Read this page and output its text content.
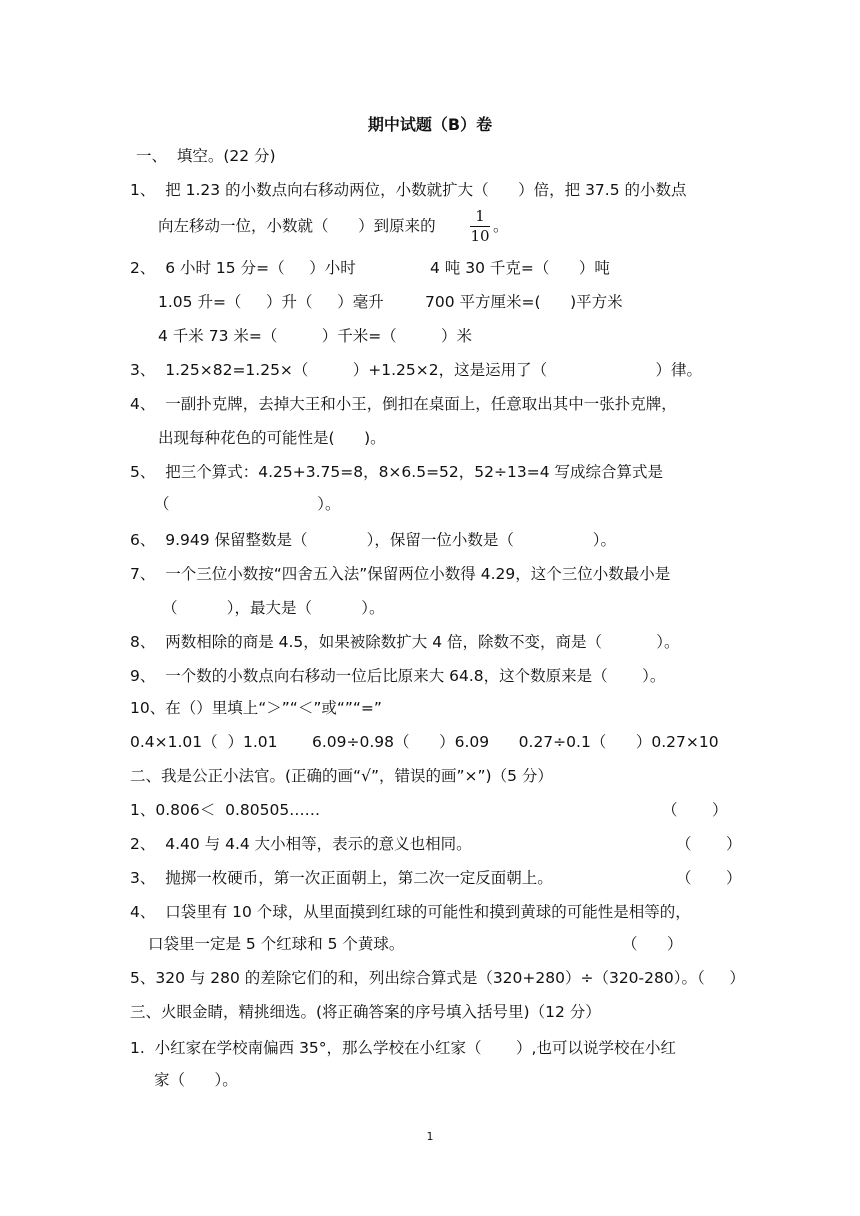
期中试题（B）卷
一、  填空。(22 分)
1、  把 1.23 的小数点向右移动两位，小数就扩大（      ）倍，把 37.5 的小数点
向左移动一位，小数就（      ）到原来的
1
10
。
2、  6 小时 15 分=（     ）小时	4 吨 30 千克=（      ）吨
1.05 升=（     ）升（     ）毫升	700 平方厘米=(      )平方米
4 千米 73 米=（         ）千米=（         ）米
3、  1.25×82=1.25×（         ）+1.25×2，这是运用了（                      ）律。
4、  一副扑克牌，去掉大王和小王，倒扣在桌面上，任意取出其中一张扑克牌，
出现每种花色的可能性是(      )。
5、  把三个算式：4.25+3.75=8，8×6.5=52，52÷13=4 写成综合算式是
（                              ）。
6、  9.949 保留整数是（            ），保留一位小数是（                ）。
7、  一个三位小数按“四舍五入法”保留两位小数得 4.29，这个三位小数最小是
（          ），最大是（          ）。
8、  两数相除的商是 4.5，如果被除数扩大 4 倍，除数不变，商是（           ）。
9、  一个数的小数点向右移动一位后比原来大 64.8，这个数原来是（       ）。
10、在（）里填上“＞”“＜”或“”“=”
0.4×1.01（  ）1.01       6.09÷0.98（      ）6.09      0.27÷0.1（      ）0.27×10
二、我是公正小法官。(正确的画“√”，错误的画”×”)（5 分）
1、0.806＜  0.80505……	（       ）
2、  4.40 与 4.4 大小相等，表示的意义也相同。	（       ）
3、  抛掷一枚硬币，第一次正面朝上，第二次一定反面朝上。	（       ）
4、  口袋里有 10 个球，从里面摸到红球的可能性和摸到黄球的可能性是相等的，
口袋里一定是 5 个红球和 5 个黄球。	（      ）
5、320 与 280 的差除它们的和，列出综合算式是（320+280）÷（320-280）。（     ）
三、火眼金睛，精挑细选。(将正确答案的序号填入括号里)（12 分）
1.  小红家在学校南偏西 35°，那么学校在小红家（       ）,也可以说学校在小红
家（      ）。
1
